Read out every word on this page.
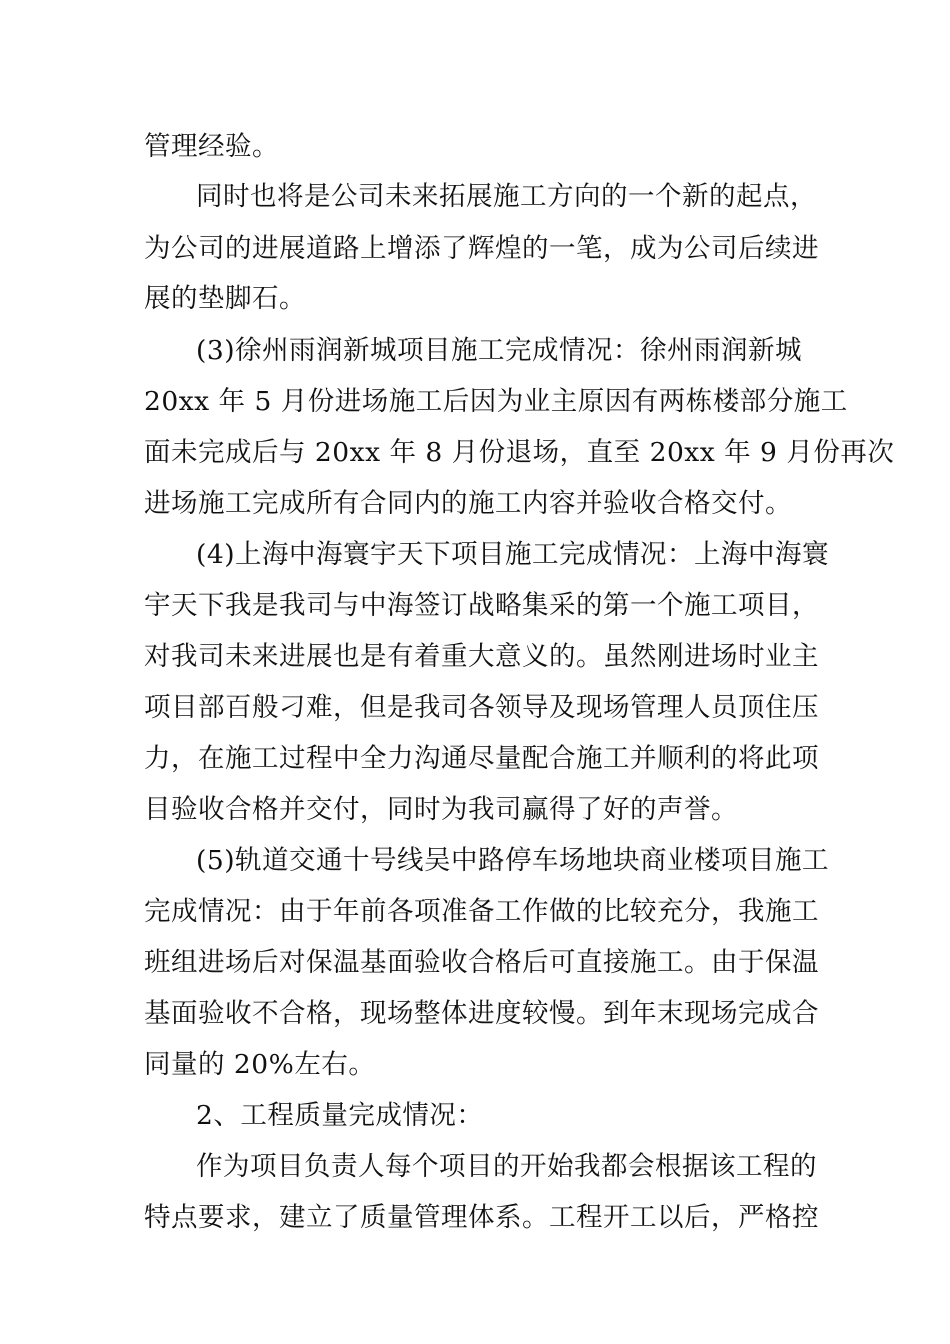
管理经验。
同时也将是公司未来拓展施工方向的一个新的起点，
为公司的进展道路上增添了辉煌的一笔，成为公司后续进
展的垫脚石。
(3)徐州雨润新城项目施工完成情况：徐州雨润新城
20xx 年 5 月份进场施工后因为业主原因有两栋楼部分施工
面未完成后与 20xx 年 8 月份退场，直至 20xx 年 9 月份再次
进场施工完成所有合同内的施工内容并验收合格交付。
(4)上海中海寰宇天下项目施工完成情况：上海中海寰
宇天下我是我司与中海签订战略集采的第一个施工项目，
对我司未来进展也是有着重大意义的。虽然刚进场时业主
项目部百般刁难，但是我司各领导及现场管理人员顶住压
力，在施工过程中全力沟通尽量配合施工并顺利的将此项
目验收合格并交付，同时为我司赢得了好的声誉。
(5)轨道交通十号线吴中路停车场地块商业楼项目施工
完成情况：由于年前各项准备工作做的比较充分，我施工
班组进场后对保温基面验收合格后可直接施工。由于保温
基面验收不合格，现场整体进度较慢。到年末现场完成合
同量的 20%左右。
2、工程质量完成情况：
作为项目负责人每个项目的开始我都会根据该工程的
特点要求，建立了质量管理体系。工程开工以后，严格控
